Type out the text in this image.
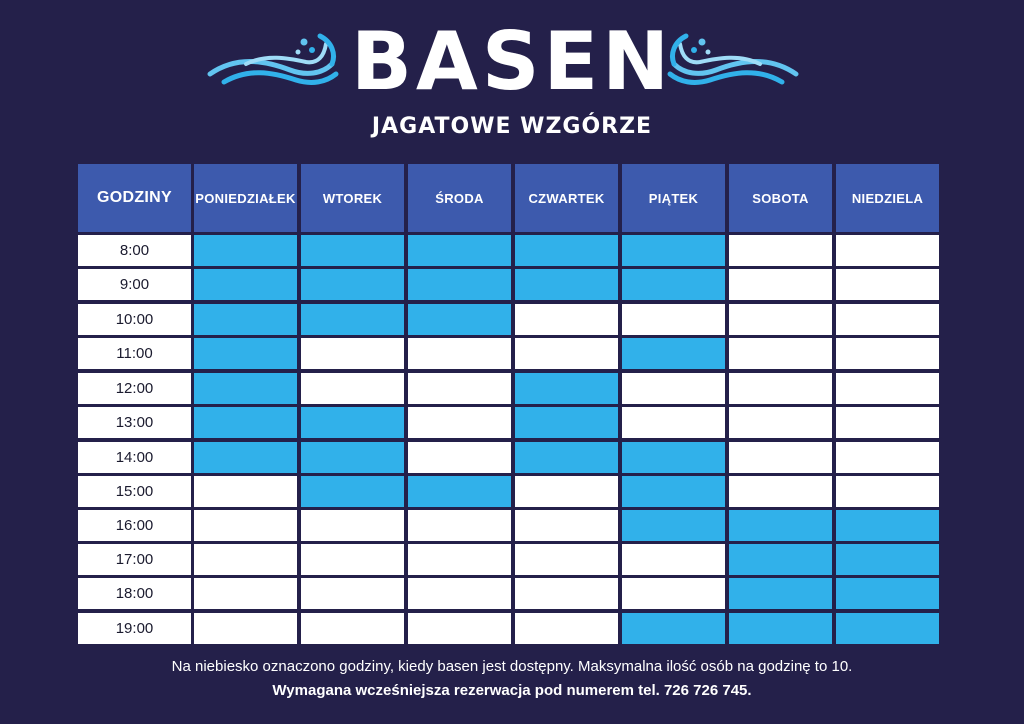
BASEN
JAGATOWE WZGÓRZE
GODZINY	PONIEDZIAŁEK	WTOREK	ŚRODA	CZWARTEK	PIĄTEK	SOBOTA	NIEDZIELA
8:00
9:00
10:00
11:00
12:00
13:00
14:00
15:00
16:00
17:00
18:00
19:00
Na niebiesko oznaczono godziny, kiedy basen jest dostępny. Maksymalna ilość osób na godzinę to 10.
Wymagana wcześniejsza rezerwacja pod numerem tel. 726 726 745.
